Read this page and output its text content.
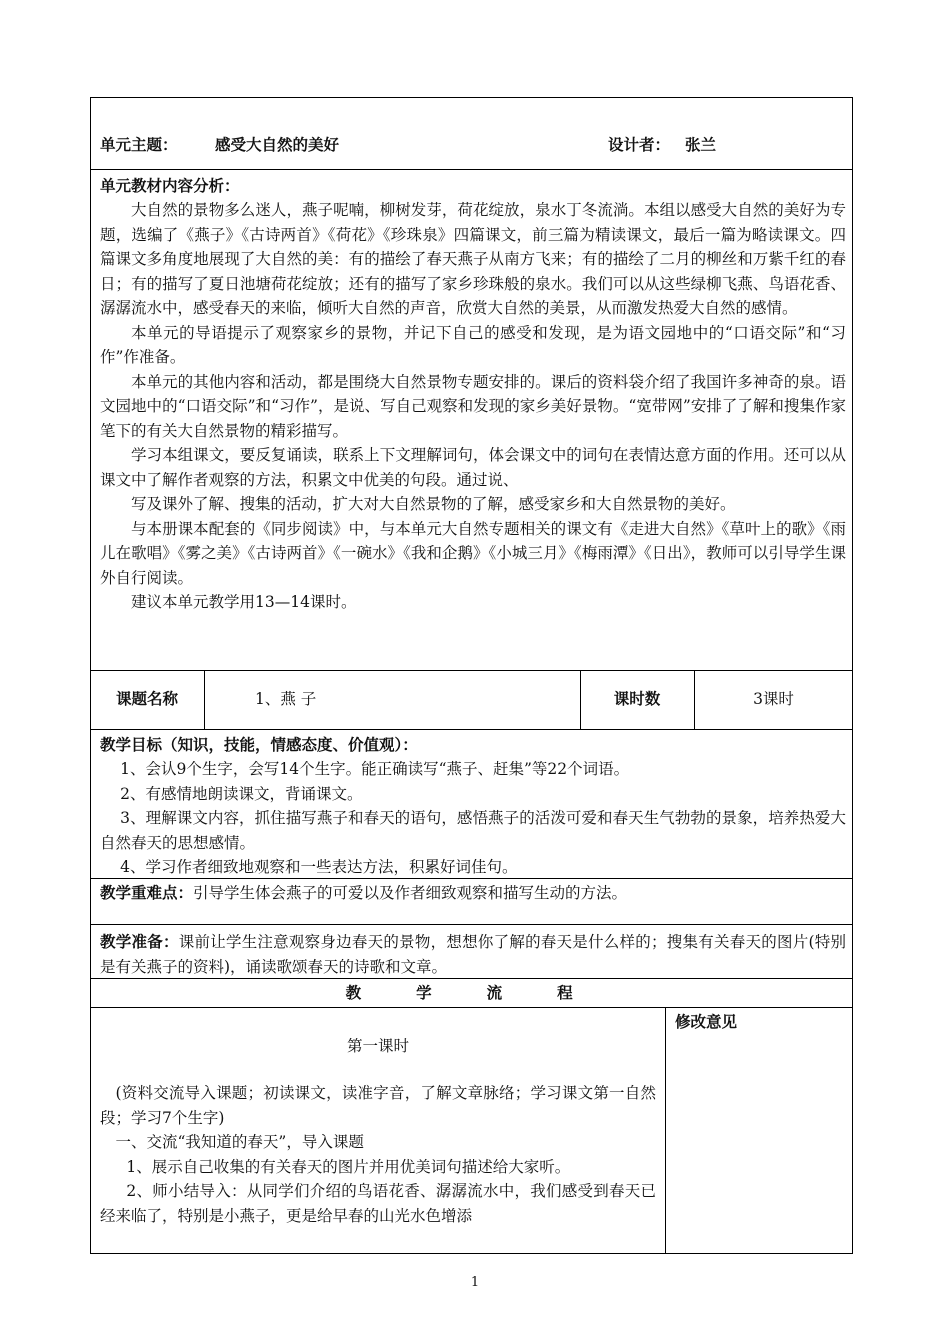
单元主题： 感受大自然的美好	设计者： 张兰
单元教材内容分析：

大自然的景物多么迷人，燕子呢喃，柳树发芽，荷花绽放，泉水丁冬流淌。本组以感受大自然的美好为专题，选编了《燕子》《古诗两首》《荷花》《珍珠泉》四篇课文，前三篇为精读课文，最后一篇为略读课文。四篇课文多角度地展现了大自然的美：有的描绘了春天燕子从南方飞来；有的描绘了二月的柳丝和万紫千红的春日；有的描写了夏日池塘荷花绽放；还有的描写了家乡珍珠般的泉水。我们可以从这些绿柳飞燕、鸟语花香、潺潺流水中，感受春天的来临，倾听大自然的声音，欣赏大自然的美景，从而激发热爱大自然的感情。

本单元的导语提示了观察家乡的景物，并记下自己的感受和发现，是为语文园地中的“口语交际”和“习作”作准备。

本单元的其他内容和活动，都是围绕大自然景物专题安排的。课后的资料袋介绍了我国许多神奇的泉。语文园地中的“口语交际”和“习作”，是说、写自己观察和发现的家乡美好景物。“宽带网”安排了了解和搜集作家笔下的有关大自然景物的精彩描写。

学习本组课文，要反复诵读，联系上下文理解词句，体会课文中的词句在表情达意方面的作用。还可以从课文中了解作者观察的方法，积累文中优美的句段。通过说、

写及课外了解、搜集的活动，扩大对大自然景物的了解，感受家乡和大自然景物的美好。

与本册课本配套的《同步阅读》中，与本单元大自然专题相关的课文有《走进大自然》《草叶上的歌》《雨儿在歌唱》《雾之美》《古诗两首》《一碗水》《我和企鹅》《小城三月》《梅雨潭》《日出》，教师可以引导学生课外自行阅读。

建议本单元教学用13—14课时。

课题名称	1、燕 子	课时数	3课时
教学目标（知识，技能，情感态度、价值观）：

1、会认9个生字，会写14个生字。能正确读写“燕子、赶集”等22个词语。

2、有感情地朗读课文，背诵课文。

3、理解课文内容，抓住描写燕子和春天的语句，感悟燕子的活泼可爱和春天生气勃勃的景象，培养热爱大自然春天的思想感情。

4、学习作者细致地观察和一些表达方法，积累好词佳句。

教学重难点：引导学生体会燕子的可爱以及作者细致观察和描写生动的方法。
教学准备：课前让学生注意观察身边春天的景物，想想你了解的春天是什么样的；搜集有关春天的图片(特别是有关燕子的资料)，诵读歌颂春天的诗歌和文章。
教 学 流 程
修改意见
第一课时

(资料交流导入课题；初读课文，读准字音，了解文章脉络；学习课文第一自然段；学习7个生字)

一、交流“我知道的春天”，导入课题

1、展示自己收集的有关春天的图片并用优美词句描述给大家听。

2、师小结导入：从同学们介绍的鸟语花香、潺潺流水中，我们感受到春天已经来临了，特别是小燕子，更是给早春的山光水色增添

1
